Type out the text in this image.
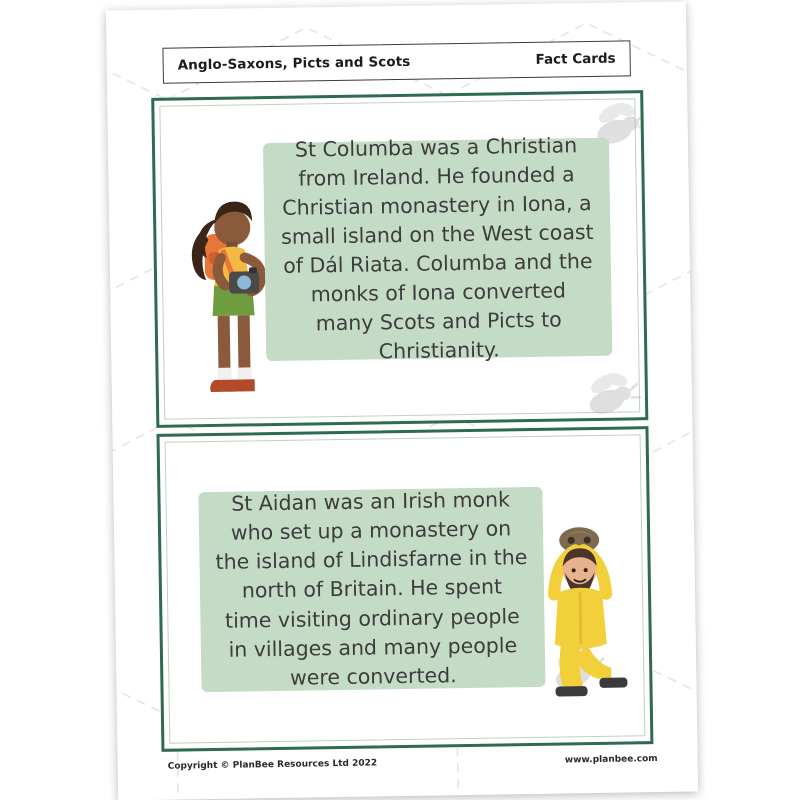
Anglo-Saxons, Picts and Scots	Fact Cards
St Columba was a Christian from Ireland. He founded a Christian monastery in Iona, a small island on the West coast of Dál Riata. Columba and the monks of Iona converted many Scots and Picts to Christianity.
St Aidan was an Irish monk who set up a monastery on the island of Lindisfarne in the north of Britain. He spent time visiting ordinary people in villages and many people were converted.
Copyright © PlanBee Resources Ltd 2022	www.planbee.com
